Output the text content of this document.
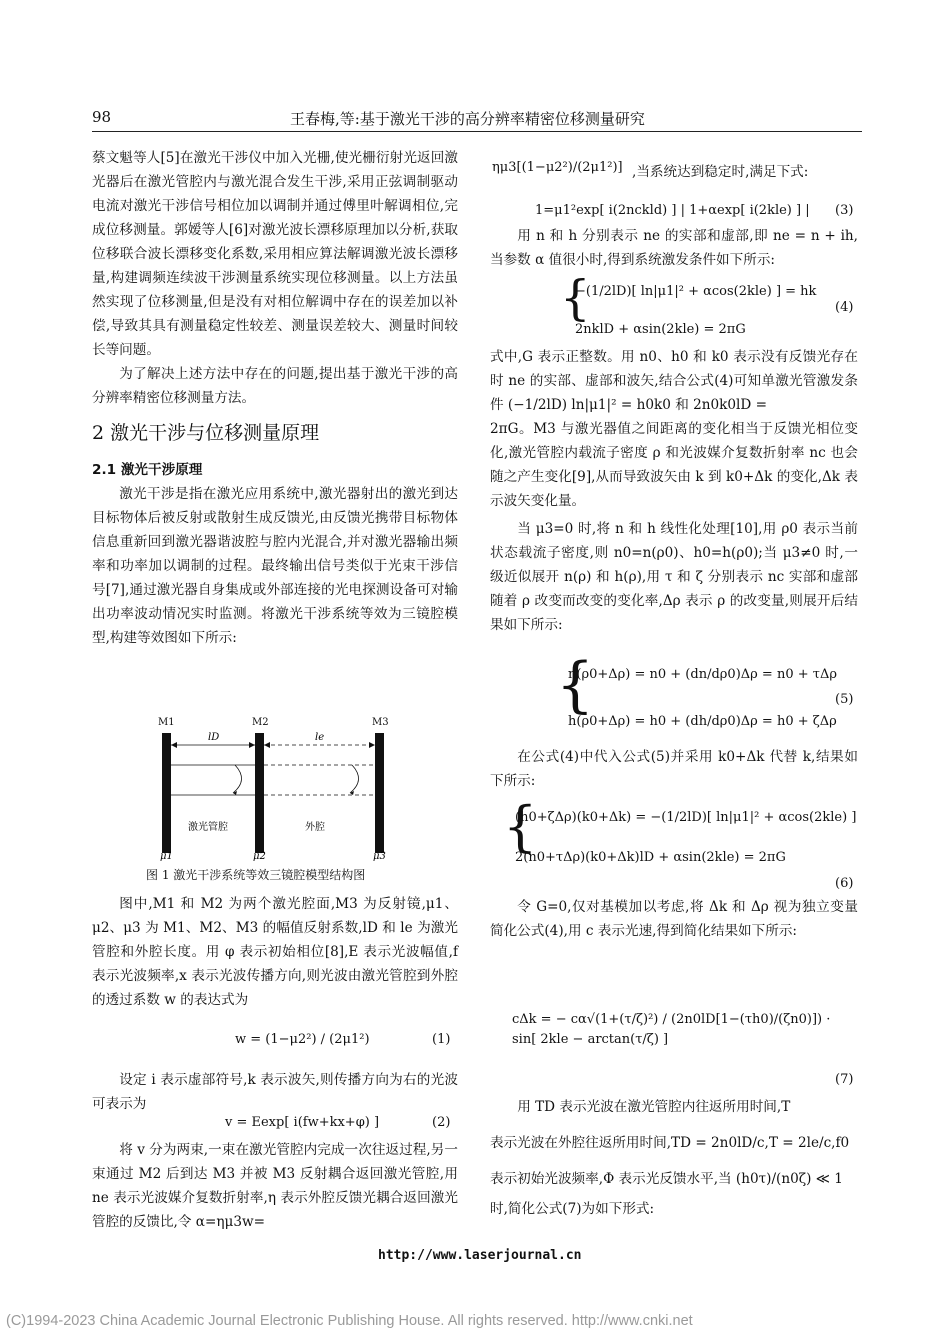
98	王春梅,等:基于激光干涉的高分辨率精密位移测量研究

蔡文魁等人[5]在激光干涉仪中加入光栅,使光栅衍射光返回激光器后在激光管腔内与激光混合发生干涉,采用正弦调制驱动电流对激光干涉信号相位加以调制并通过傅里叶解调相位,完成位移测量。郭嫒等人[6]对激光波长漂移原理加以分析,获取位移联合波长漂移变化系数,采用相应算法解调激光波长漂移量,构建调频连续波干涉测量系统实现位移测量。以上方法虽然实现了位移测量,但是没有对相位解调中存在的误差加以补偿,导致其具有测量稳定性较差、测量误差较大、测量时间较长等问题。

为了解决上述方法中存在的问题,提出基于激光干涉的高分辨率精密位移测量方法。

2 激光干涉与位移测量原理
2.1 激光干涉原理

激光干涉是指在激光应用系统中,激光器射出的激光到达目标物体后被反射或散射生成反馈光,由反馈光携带目标物体信息重新回到激光器谐波腔与腔内光混合,并对激光器输出频率和功率加以调制的过程。最终输出信号类似于光束干涉信号[7],通过激光器自身集成或外部连接的光电探测设备可对输出功率波动情况实时监测。将激光干涉系统等效为三镜腔模型,构建等效图如下所示:

M1	M2	M3
lD	le
激光管腔	外腔
μ1	μ2	μ3
图 1 激光干涉系统等效三镜腔模型结构图

图中,M1 和 M2 为两个激光腔面,M3 为反射镜,μ1、μ2、μ3 为 M1、M2、M3 的幅值反射系数,lD 和 le 为激光管腔和外腔长度。用 φ 表示初始相位[8],E 表示光波幅值,f 表示光波频率,x 表示光波传播方向,则光波由激光管腔到外腔的透过系数 w 的表达式为

w = (1−μ2²) / (2μ1²)	(1)

设定 i 表示虚部符号,k 表示波矢,则传播方向为右的光波可表示为

v = Eexp[ i(fw+kx+φ) ]	(2)

将 v 分为两束,一束在激光管腔内完成一次往返过程,另一束通过 M2 后到达 M3 并被 M3 反射耦合返回激光管腔,用 ne 表示光波媒介复数折射率,η 表示外腔反馈光耦合返回激光管腔的反馈比,令 α=ημ3w=

ημ3[(1−μ2²)/(2μ1²)] ,当系统达到稳定时,满足下式:
1=μ1²exp[ i(2nckld) ] | 1+αexp[ i(2kle) ] | (3)

用 n 和 h 分别表示 ne 的实部和虚部,即 ne = n + ih,当参数 α 值很小时,得到系统激发条件如下所示:

{
−(1/2lD)[ ln|μ1|² + αcos(2kle) ] = hk
2nklD + αsin(2kle) = 2πG
(4)

式中,G 表示正整数。用 n0、h0 和 k0 表示没有反馈光存在时 ne 的实部、虚部和波矢,结合公式(4)可知单激光管激发条件 (−1/2lD) ln|μ1|² = h0k0 和 2n0k0lD =

2πG。M3 与激光器值之间距离的变化相当于反馈光相位变化,激光管腔内载流子密度 ρ 和光波媒介复数折射率 nc 也会随之产生变化[9],从而导致波矢由 k 到 k0+Δk 的变化,Δk 表示波矢变化量。

当 μ3=0 时,将 n 和 h 线性化处理[10],用 ρ0 表示当前状态载流子密度,则 n0=n(ρ0)、h0=h(ρ0);当 μ3≠0 时,一级近似展开 n(ρ) 和 h(ρ),用 τ 和 ζ 分别表示 nc 实部和虚部随着 ρ 改变而改变的变化率,Δρ 表示 ρ 的改变量,则展开后结果如下所示:

{
n(ρ0+Δρ) = n0 + (dn/dρ0)Δρ = n0 + τΔρ
h(ρ0+Δρ) = h0 + (dh/dρ0)Δρ = h0 + ζΔρ
(5)

在公式(4)中代入公式(5)并采用 k0+Δk 代替 k,结果如下所示:

{
(h0+ζΔρ)(k0+Δk) = −(1/2lD)[ ln|μ1|² + αcos(2kle) ]
2(n0+τΔρ)(k0+Δk)lD + αsin(2kle) = 2πG
(6)

令 G=0,仅对基模加以考虑,将 Δk 和 Δρ 视为独立变量简化公式(4),用 c 表示光速,得到简化结果如下所示:

cΔk = − cα√(1+(τ/ζ)²) / (2n0lD[1−(τh0)/(ζn0)]) · sin[ 2kle − arctan(τ/ζ) ]
(7)

用 TD 表示光波在激光管腔内往返所用时间,T

表示光波在外腔往返所用时间,TD = 2n0lD/c,T = 2le/c,f0

表示初始光波频率,Φ 表示光反馈水平,当 (h0τ)/(n0ζ) ≪ 1

时,简化公式(7)为如下形式:

http://www.laserjournal.cn
(C)1994-2023 China Academic Journal Electronic Publishing House. All rights reserved. http://www.cnki.net
